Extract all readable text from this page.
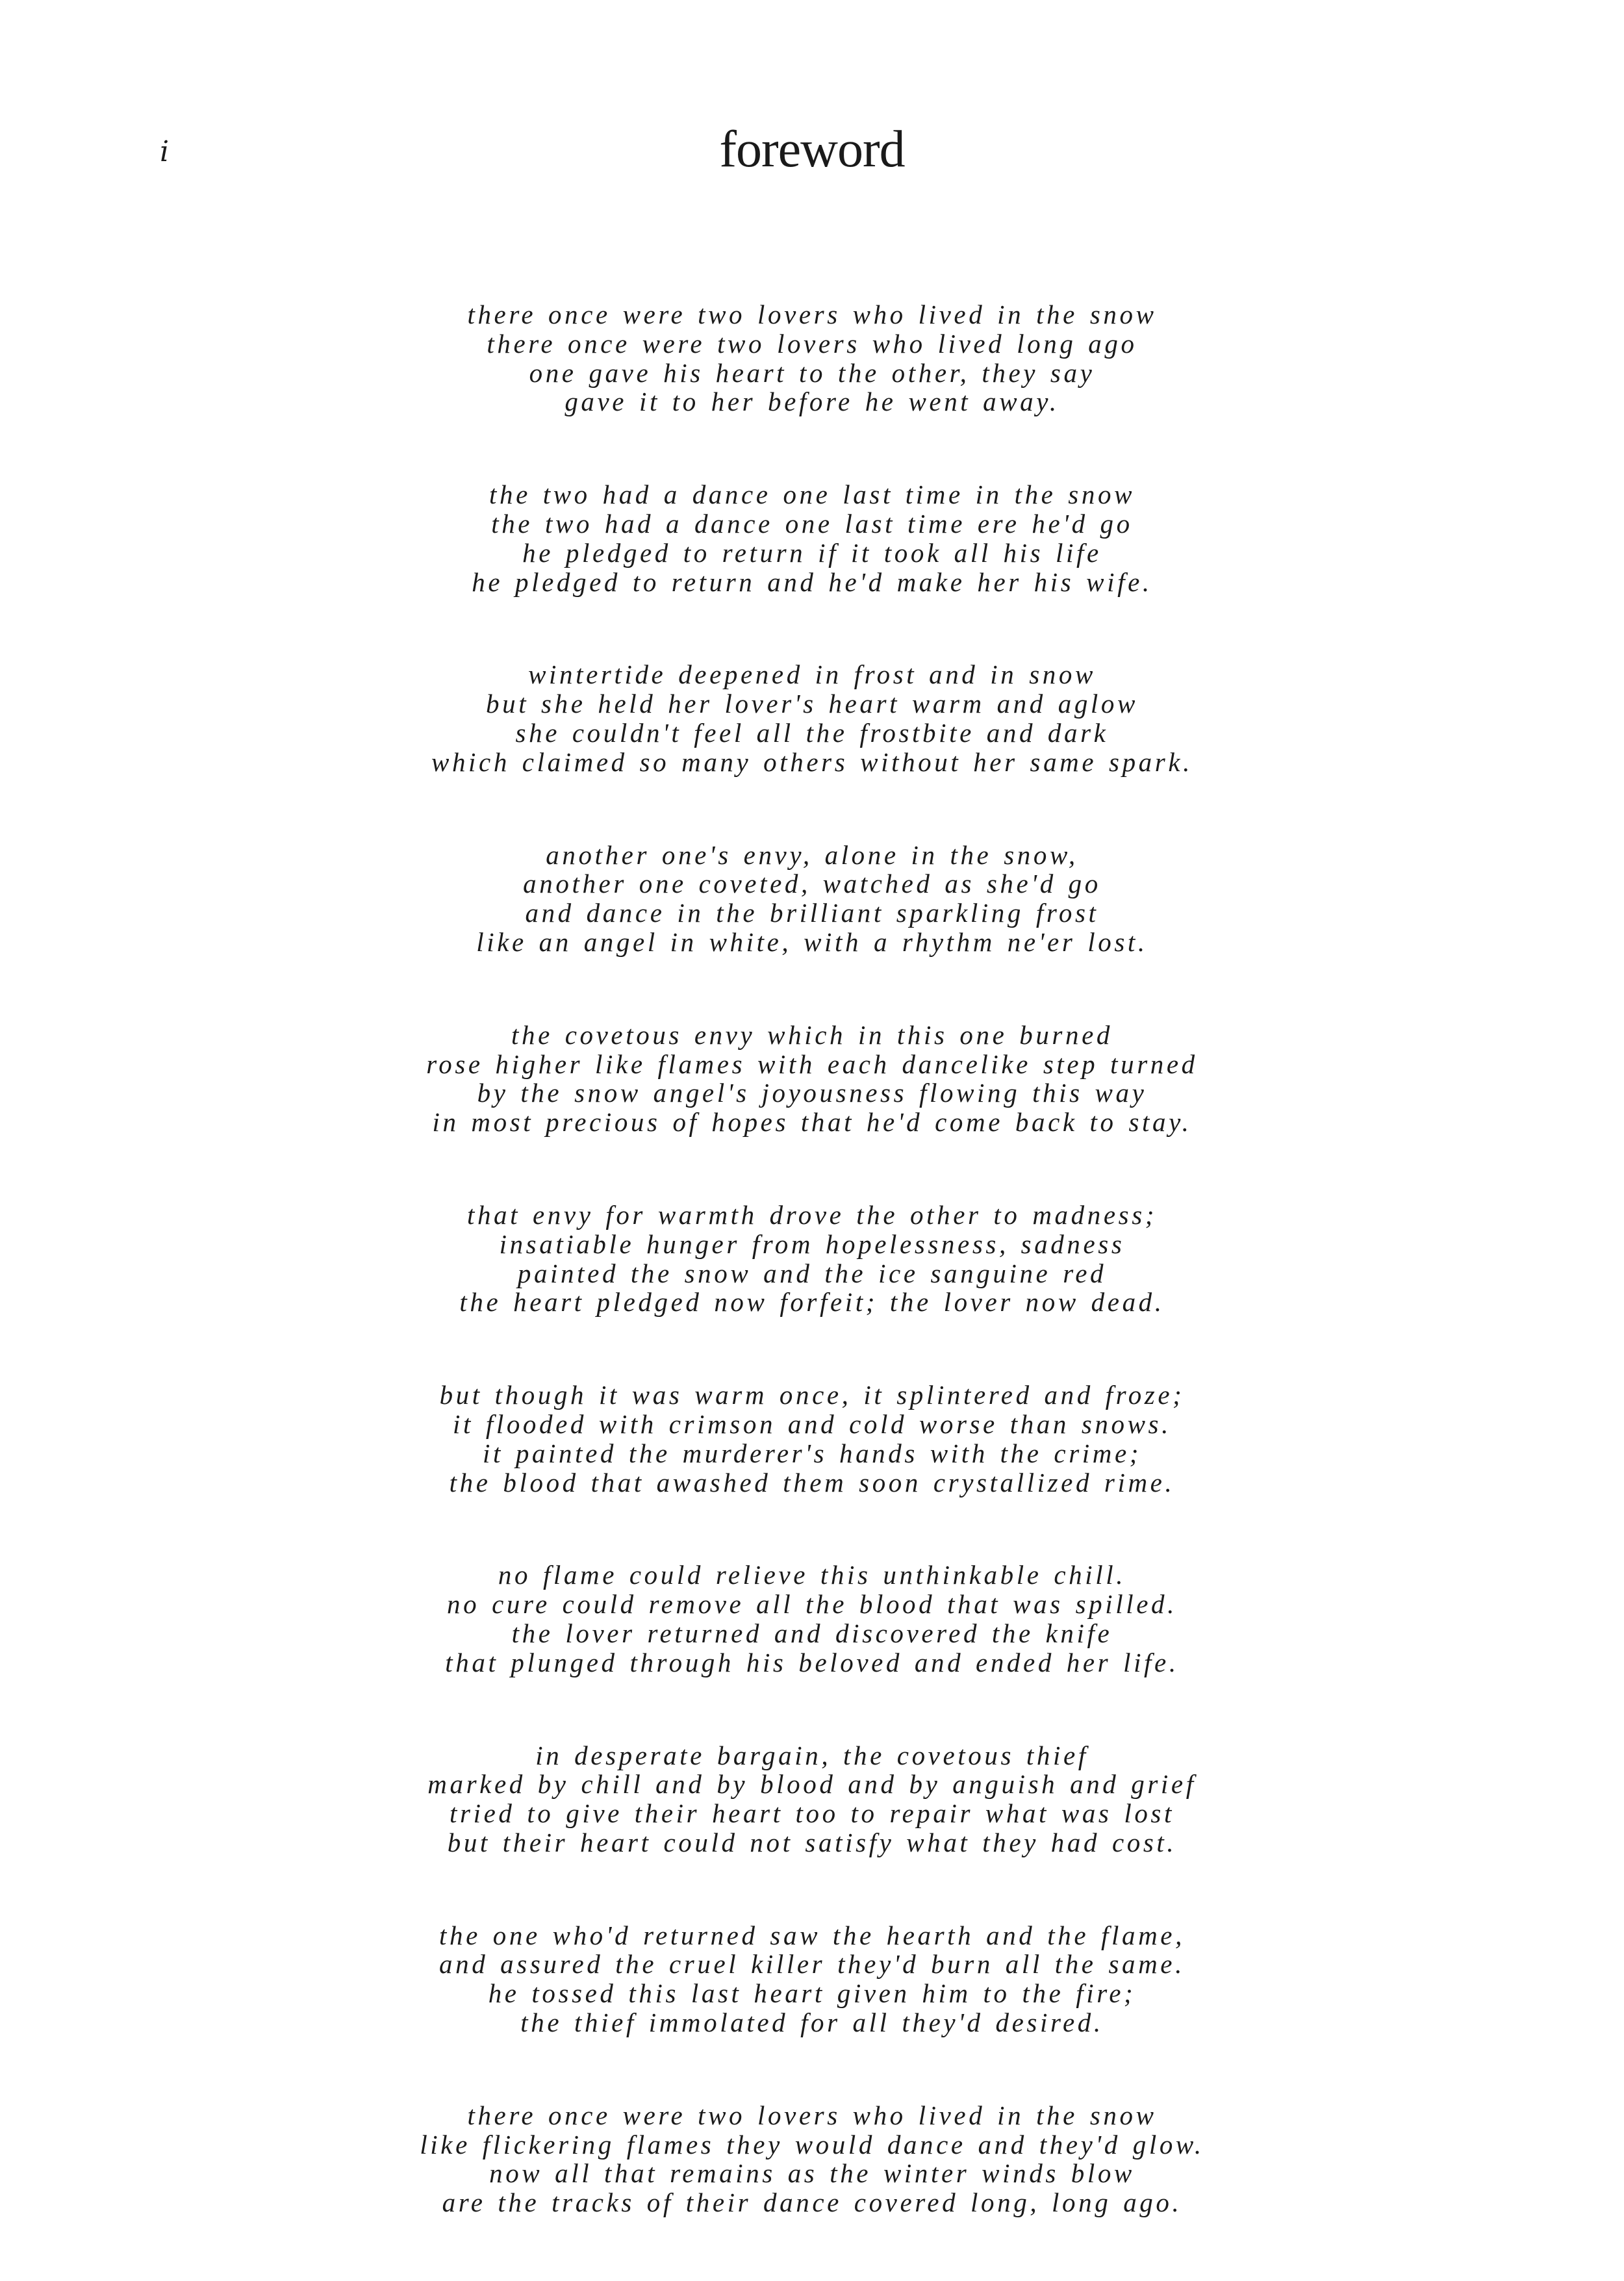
i	foreword
there once were two lovers who lived in the snow
there once were two lovers who lived long ago
one gave his heart to the other, they say
gave it to her before he went away.
the two had a dance one last time in the snow
the two had a dance one last time ere he'd go
he pledged to return if it took all his life
he pledged to return and he'd make her his wife.
wintertide deepened in frost and in snow
but she held her lover's heart warm and aglow
she couldn't feel all the frostbite and dark
which claimed so many others without her same spark.
another one's envy, alone in the snow,
another one coveted, watched as she'd go
and dance in the brilliant sparkling frost
like an angel in white, with a rhythm ne'er lost.
the covetous envy which in this one burned
rose higher like flames with each dancelike step turned
by the snow angel's joyousness flowing this way
in most precious of hopes that he'd come back to stay.
that envy for warmth drove the other to madness;
insatiable hunger from hopelessness, sadness
painted the snow and the ice sanguine red
the heart pledged now forfeit; the lover now dead.
but though it was warm once, it splintered and froze;
it flooded with crimson and cold worse than snows.
it painted the murderer's hands with the crime;
the blood that awashed them soon crystallized rime.
no flame could relieve this unthinkable chill.
no cure could remove all the blood that was spilled.
the lover returned and discovered the knife
that plunged through his beloved and ended her life.
in desperate bargain, the covetous thief
marked by chill and by blood and by anguish and grief
tried to give their heart too to repair what was lost
but their heart could not satisfy what they had cost.
the one who'd returned saw the hearth and the flame,
and assured the cruel killer they'd burn all the same.
he tossed this last heart given him to the fire;
the thief immolated for all they'd desired.
there once were two lovers who lived in the snow
like flickering flames they would dance and they'd glow.
now all that remains as the winter winds blow
are the tracks of their dance covered long, long ago.
